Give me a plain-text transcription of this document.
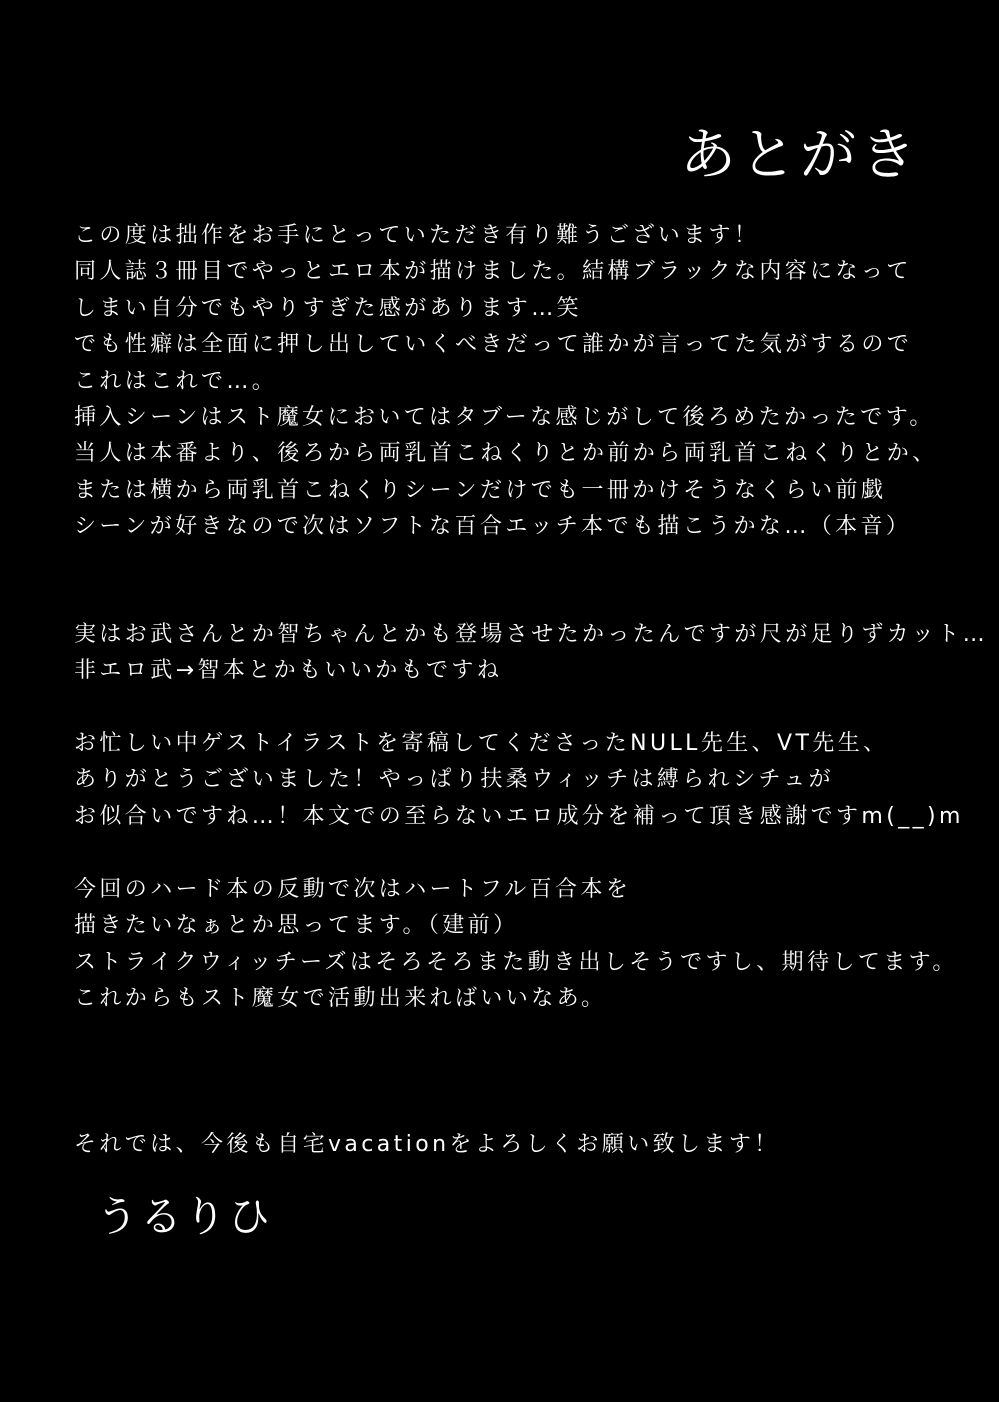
あとがき
この度は拙作をお手にとっていただき有り難うございます！
同人誌３冊目でやっとエロ本が描けました。結構ブラックな内容になって
しまい自分でもやりすぎた感があります…笑
でも性癖は全面に押し出していくべきだって誰かが言ってた気がするので
これはこれで…。
挿入シーンはスト魔女においてはタブーな感じがして後ろめたかったです。
当人は本番より、後ろから両乳首こねくりとか前から両乳首こねくりとか、
または横から両乳首こねくりシーンだけでも一冊かけそうなくらい前戯
シーンが好きなので次はソフトな百合エッチ本でも描こうかな…（本音）
実はお武さんとか智ちゃんとかも登場させたかったんですが尺が足りずカット…
非エロ武→智本とかもいいかもですね
お忙しい中ゲストイラストを寄稿してくださったNULL先生、VT先生、
ありがとうございました！やっぱり扶桑ウィッチは縛られシチュが
お似合いですね…！本文での至らないエロ成分を補って頂き感謝ですm(__)m
今回のハード本の反動で次はハートフル百合本を
描きたいなぁとか思ってます。（建前）
ストライクウィッチーズはそろそろまた動き出しそうですし、期待してます。
これからもスト魔女で活動出来ればいいなあ。
それでは、今後も自宅vacationをよろしくお願い致します！
うるりひ
